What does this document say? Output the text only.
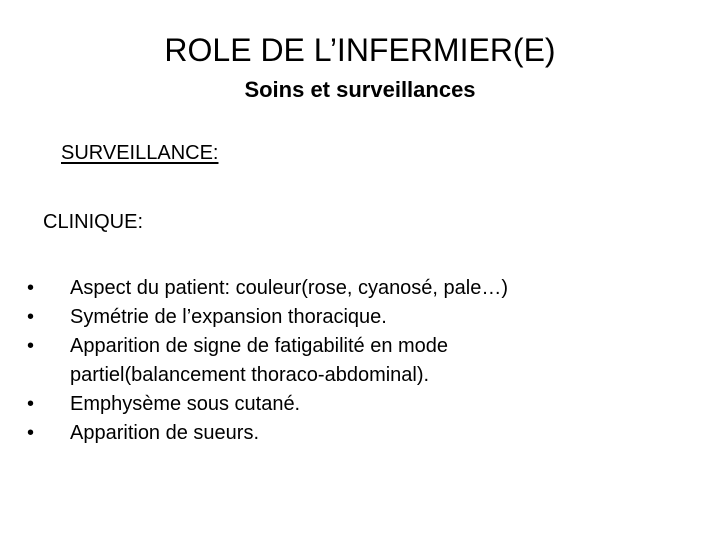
ROLE DE L’INFERMIER(E)
Soins et surveillances
SURVEILLANCE:
CLINIQUE:
•	Aspect du patient: couleur(rose, cyanosé, pale…)
•	Symétrie de l’expansion thoracique.
•	Apparition de signe de fatigabilité en mode partiel(balancement thoraco-abdominal).
•	Emphysème sous cutané.
•	Apparition de sueurs.
